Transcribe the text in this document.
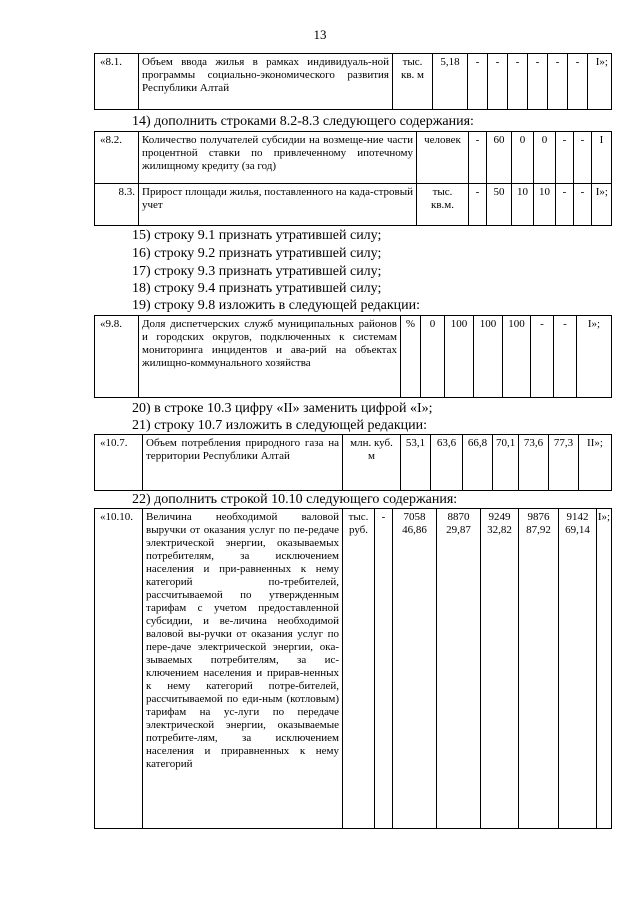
13
«8.1.	Объем ввода жилья в рамках индивидуаль-ной программы социально-экономического развития Республики Алтай	тыс. кв. м	5,18	-	-	-	-	-	-	I»;
14) дополнить строками 8.2-8.3 следующего содержания:
«8.2.	Количество получателей субсидии на возмеще-ние части процентной ставки по привлеченному ипотечному жилищному кредиту (за год)	человек	-	60	0	0	-	-	I
8.3.	Прирост площади жилья, поставленного на када-стровый учет	тыс. кв.м.	-	50	10	10	-	-	I»;
15) строку 9.1 признать утратившей силу;
16) строку 9.2 признать утратившей силу;
17) строку 9.3 признать утратившей силу;
18) строку 9.4 признать утратившей силу;
19) строку 9.8 изложить в следующей редакции:
«9.8.	Доля диспетчерских служб муниципальных районов и городских округов, подключенных к системам мониторинга инцидентов и ава-рий на объектах жилищно-коммунального хозяйства	%	0	100	100	100	-	-	I»;
20) в строке 10.3 цифру «II» заменить цифрой «I»;
21) строку 10.7 изложить в следующей редакции:
«10.7.	Объем потребления природного газа на территории Республики Алтай	млн. куб. м	53,1	63,6	66,8	70,1	73,6	77,3	II»;
22) дополнить строкой 10.10 следующего содержания:
«10.10.	Величина необходимой валовой выручки от оказания услуг по пе-редаче электрической энергии, оказываемых потребителям, за исключением населения и при-равненных к нему категорий по-требителей, рассчитываемой по утвержденным тарифам с учетом предоставленной субсидии, и ве-личина необходимой валовой вы-ручки от оказания услуг по пере-даче электрической энергии, ока-зываемых потребителям, за ис-ключением населения и прирав-ненных к нему категорий потре-бителей, рассчитываемой по еди-ным (котловым) тарифам на ус-луги по передаче электрической энергии, оказываемые потребите-лям, за исключением населения и приравненных к нему категорий	тыс. руб.	-	7058 46,86	8870 29,87	9249 32,82	9876 87,92	9142 69,14	I»;
